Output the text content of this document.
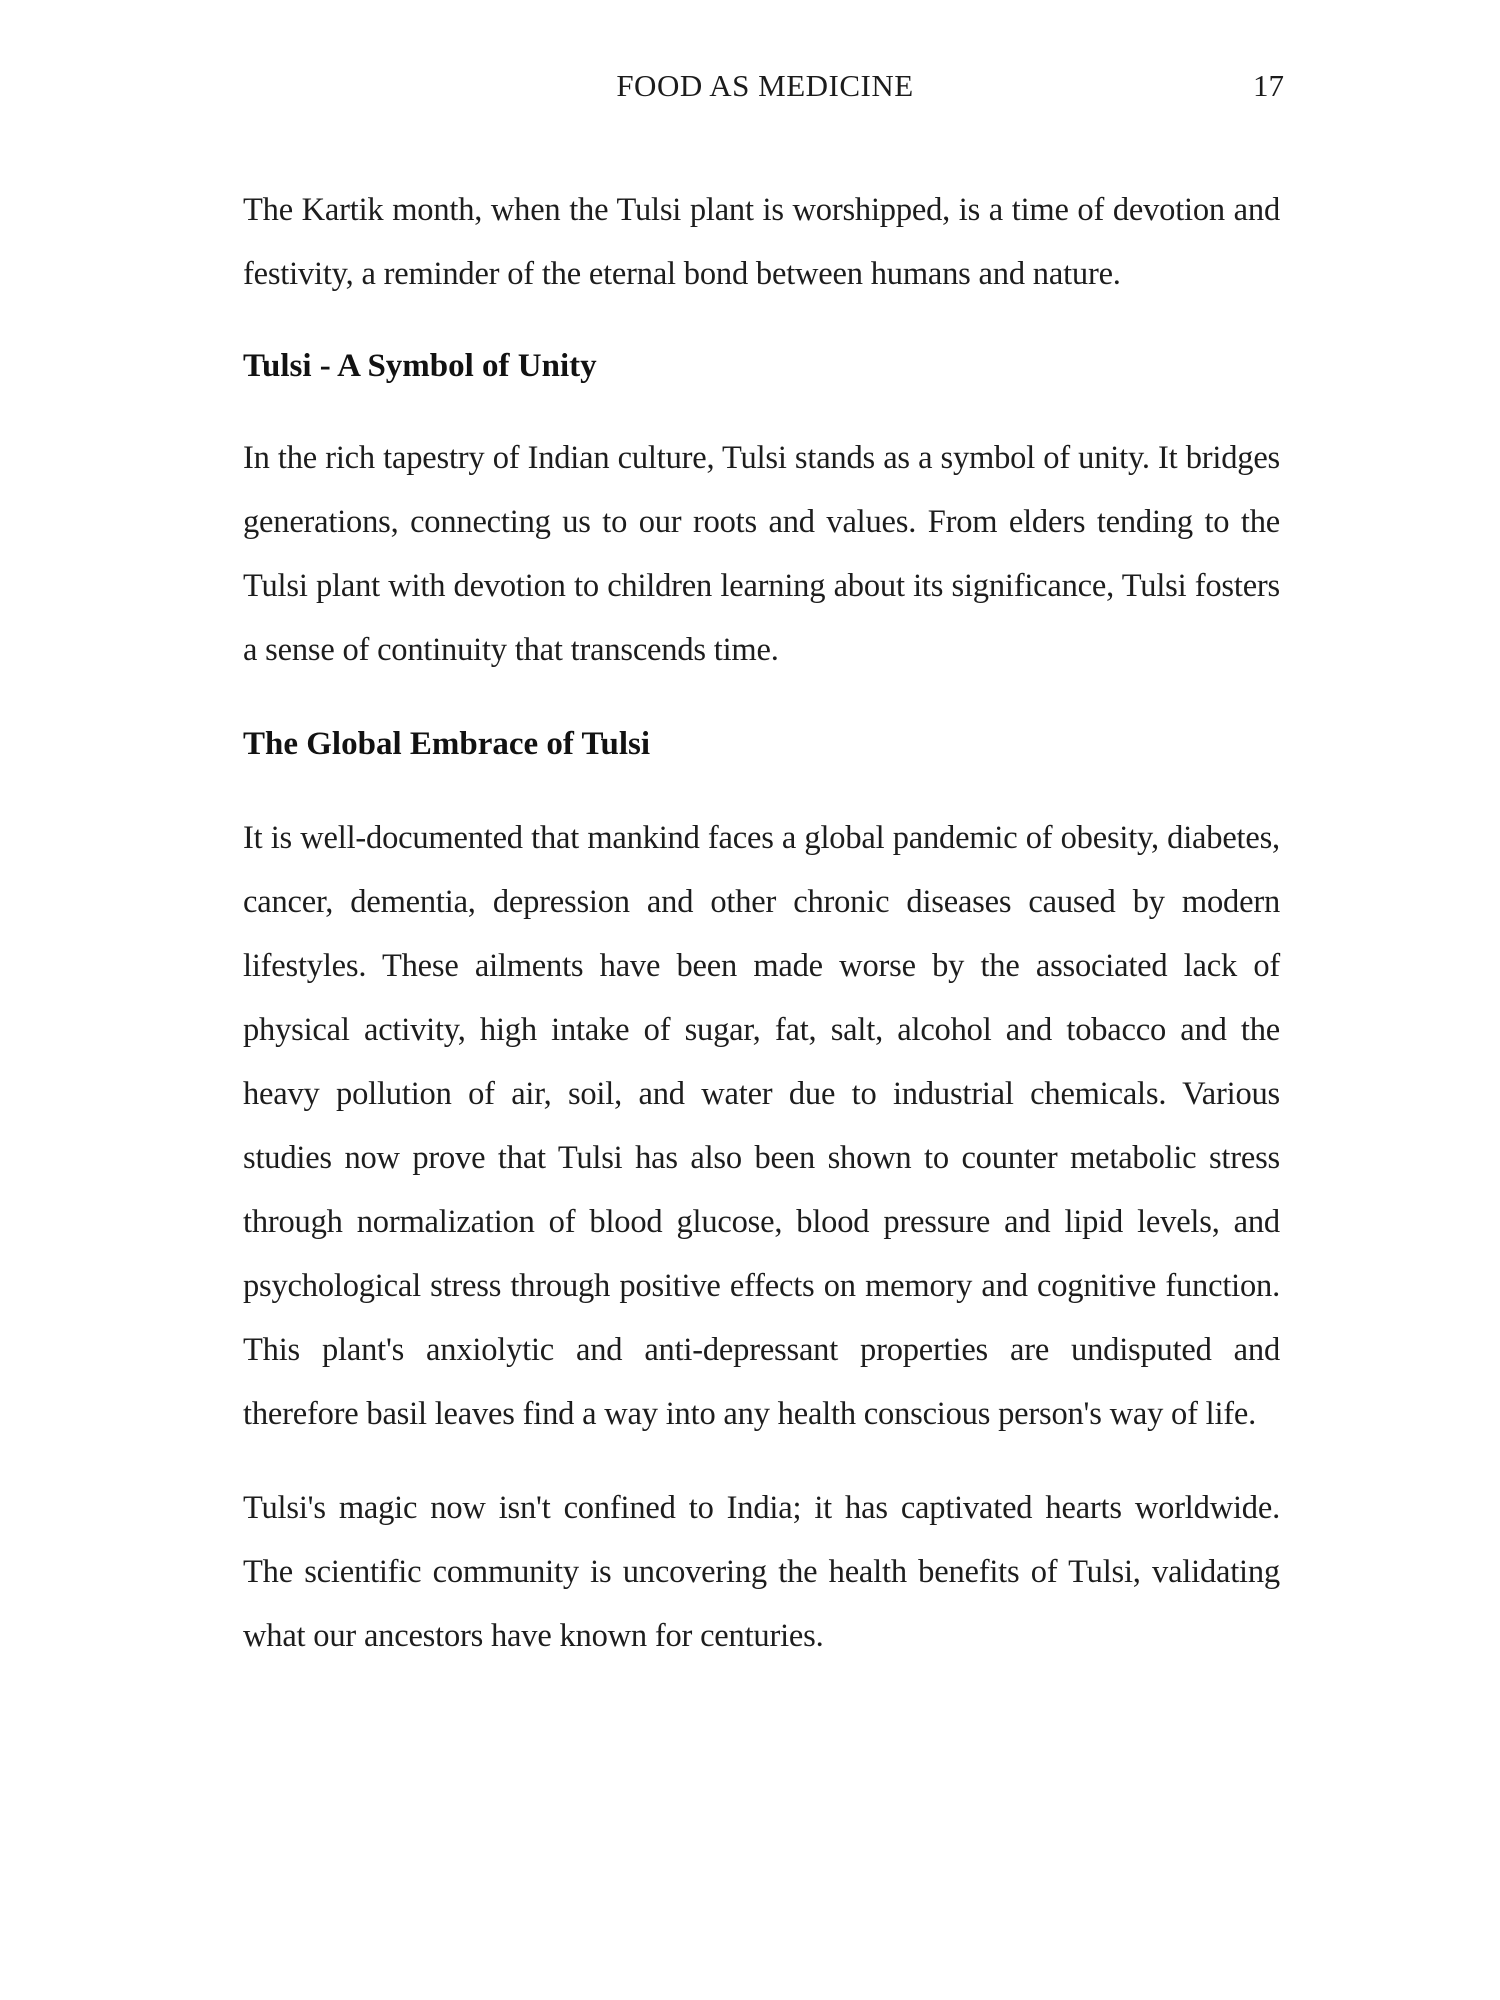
FOOD AS MEDICINE	17

The Kartik month, when the Tulsi plant is worshipped, is a time of devotion and festivity, a reminder of the eternal bond between humans and nature.

Tulsi - A Symbol of Unity

In the rich tapestry of Indian culture, Tulsi stands as a symbol of unity. It bridges generations, connecting us to our roots and values. From elders tending to the Tulsi plant with devotion to children learning about its significance, Tulsi fosters a sense of continuity that transcends time.

The Global Embrace of Tulsi

It is well-documented that mankind faces a global pandemic of obesity, diabetes, cancer, dementia, depression and other chronic diseases caused by modern lifestyles. These ailments have been made worse by the associated lack of physical activity, high intake of sugar, fat, salt, alcohol and tobacco and the heavy pollution of air, soil, and water due to industrial chemicals. Various studies now prove that Tulsi has also been shown to counter metabolic stress through normalization of blood glucose, blood pressure and lipid levels, and psychological stress through positive effects on memory and cognitive function. This plant's anxiolytic and anti-depressant properties are undisputed and therefore basil leaves find a way into any health conscious person's way of life.

Tulsi's magic now isn't confined to India; it has captivated hearts worldwide. The scientific community is uncovering the health benefits of Tulsi, validating what our ancestors have known for centuries.
